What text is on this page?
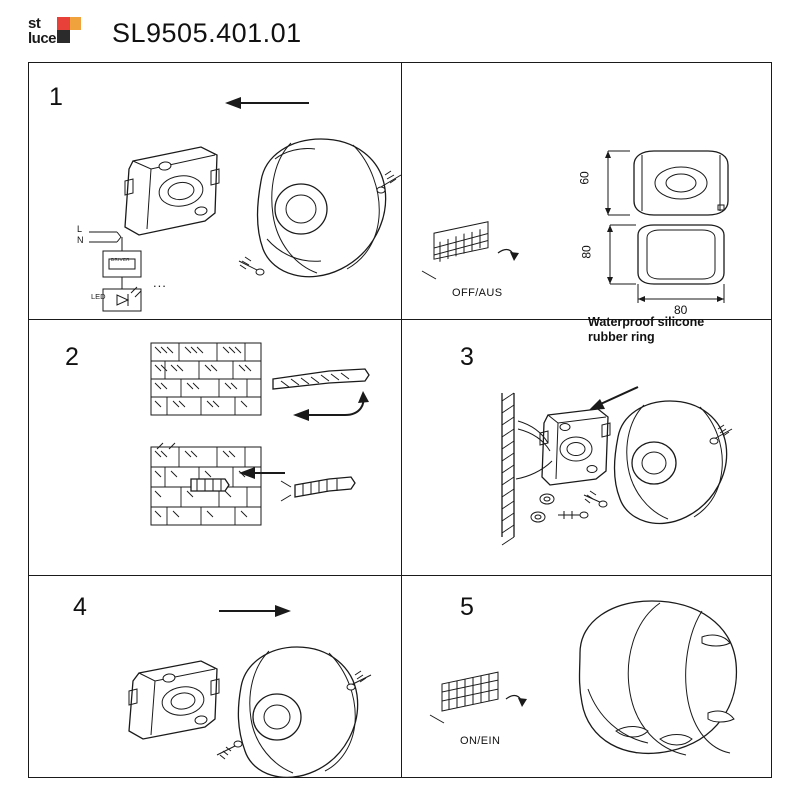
st
luce SL9505.401.01
1
L
N
DRIVER
LED
...
60
80
80
OFF/AUS
2	3
Waterproof silicone
rubber ring
4	5
ON/EIN
